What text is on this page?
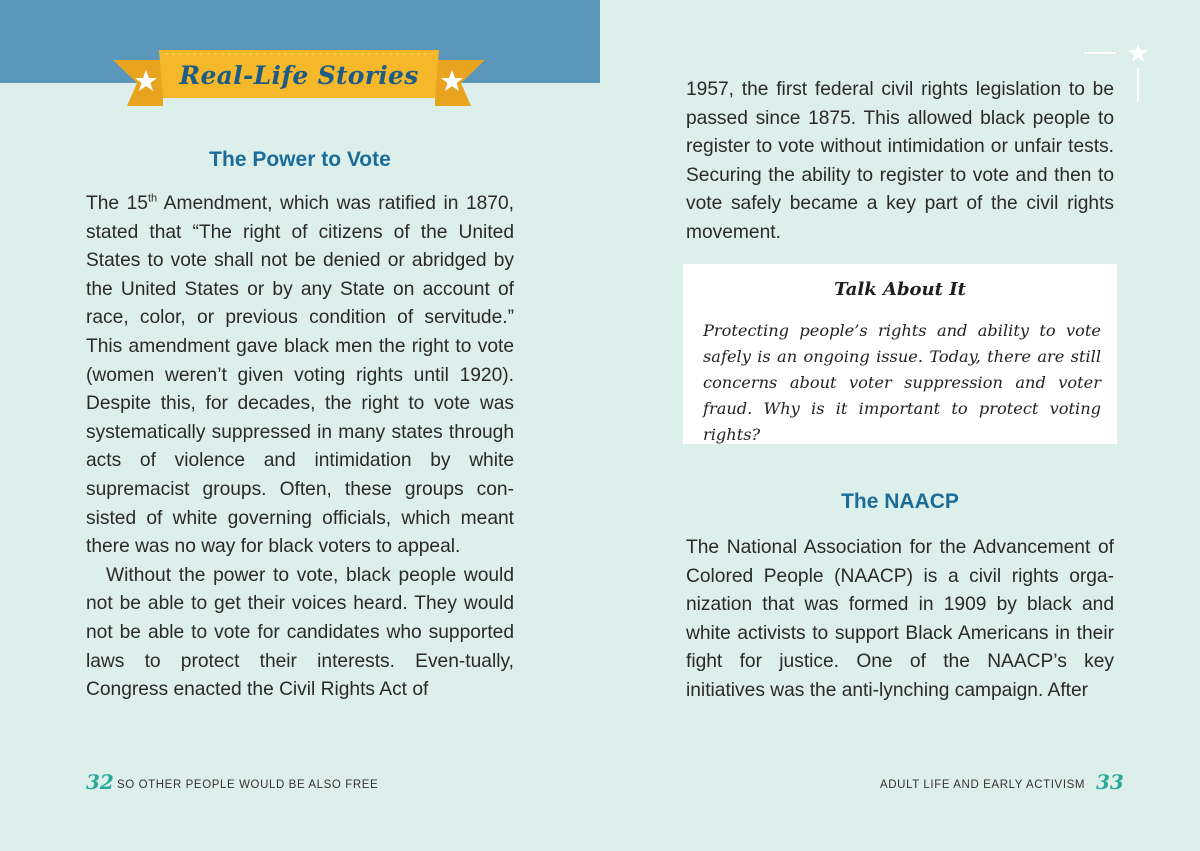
Real-Life Stories
The Power to Vote

The 15th Amendment, which was ratified in 1870, stated that “The right of citizens of the United States to vote shall not be denied or abridged by the United States or by any State on account of race, color, or previous condition of servitude.” This amendment gave black men the right to vote (women weren’t given voting rights until 1920). Despite this, for decades, the right to vote was systematically suppressed in many states through acts of violence and intimidation by white supremacist groups. Often, these groups con-sisted of white governing officials, which meant there was no way for black voters to appeal.

Without the power to vote, black people would not be able to get their voices heard. They would not be able to vote for candidates who supported laws to protect their interests. Even-tually, Congress enacted the Civil Rights Act of

32 SO OTHER PEOPLE WOULD BE ALSO FREE

1957, the first federal civil rights legislation to be passed since 1875. This allowed black people to register to vote without intimidation or unfair tests. Securing the ability to register to vote and then to vote safely became a key part of the civil rights movement.

Talk About It
Protecting people’s rights and ability to vote safely is an ongoing issue. Today, there are still concerns about voter suppression and voter fraud. Why is it important to protect voting rights?
The NAACP

The National Association for the Advancement of Colored People (NAACP) is a civil rights orga-nization that was formed in 1909 by black and white activists to support Black Americans in their fight for justice. One of the NAACP’s key initiatives was the anti-lynching campaign. After

ADULT LIFE AND EARLY ACTIVISM 33
